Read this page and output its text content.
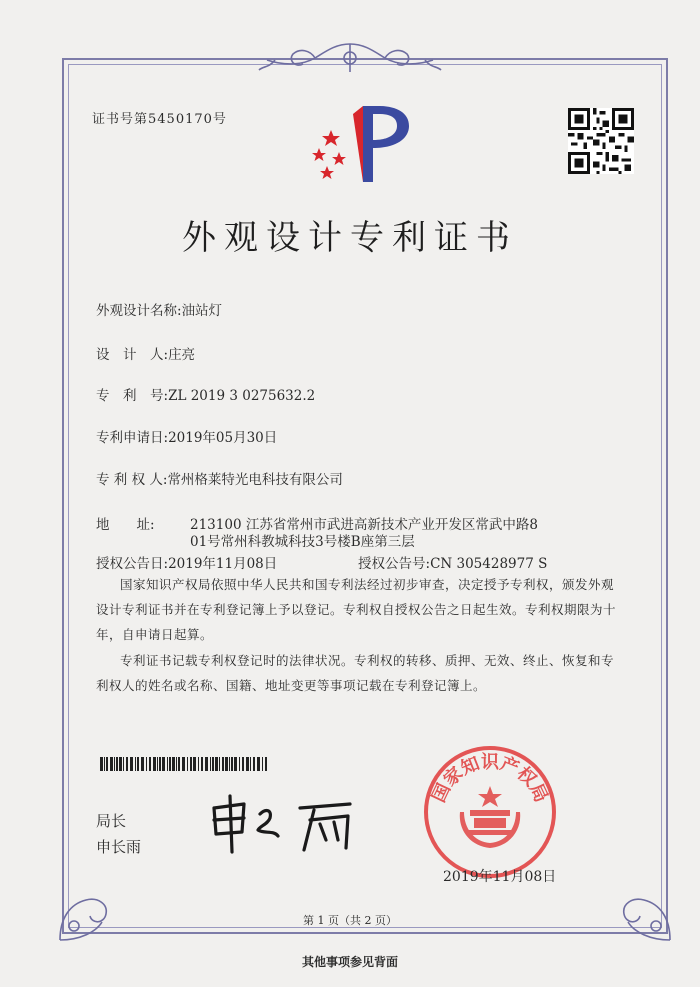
证书号第5450170号
外观设计专利证书
外观设计名称:油站灯
设　计　人:庄亮
专　利　号:ZL 2019 3 0275632.2
专利申请日:2019年05月30日
专 利 权 人:常州格莱特光电科技有限公司
地　　址:	213100 江苏省常州市武进高新技术产业开发区常武中路8
01号常州科教城科技3号楼B座第三层
授权公告日:2019年11月08日	授权公告号:CN 305428977 S
国家知识产权局依照中华人民共和国专利法经过初步审查，决定授予专利权，颁发外观
设计专利证书并在专利登记簿上予以登记。专利权自授权公告之日起生效。专利权期限为十
年，自申请日起算。
专利证书记载专利权登记时的法律状况。专利权的转移、质押、无效、终止、恢复和专
利权人的姓名或名称、国籍、地址变更等事项记载在专利登记簿上。
局长
申长雨
国家知识产权局
2019年11月08日
第 1 页（共 2 页）
其他事项参见背面
